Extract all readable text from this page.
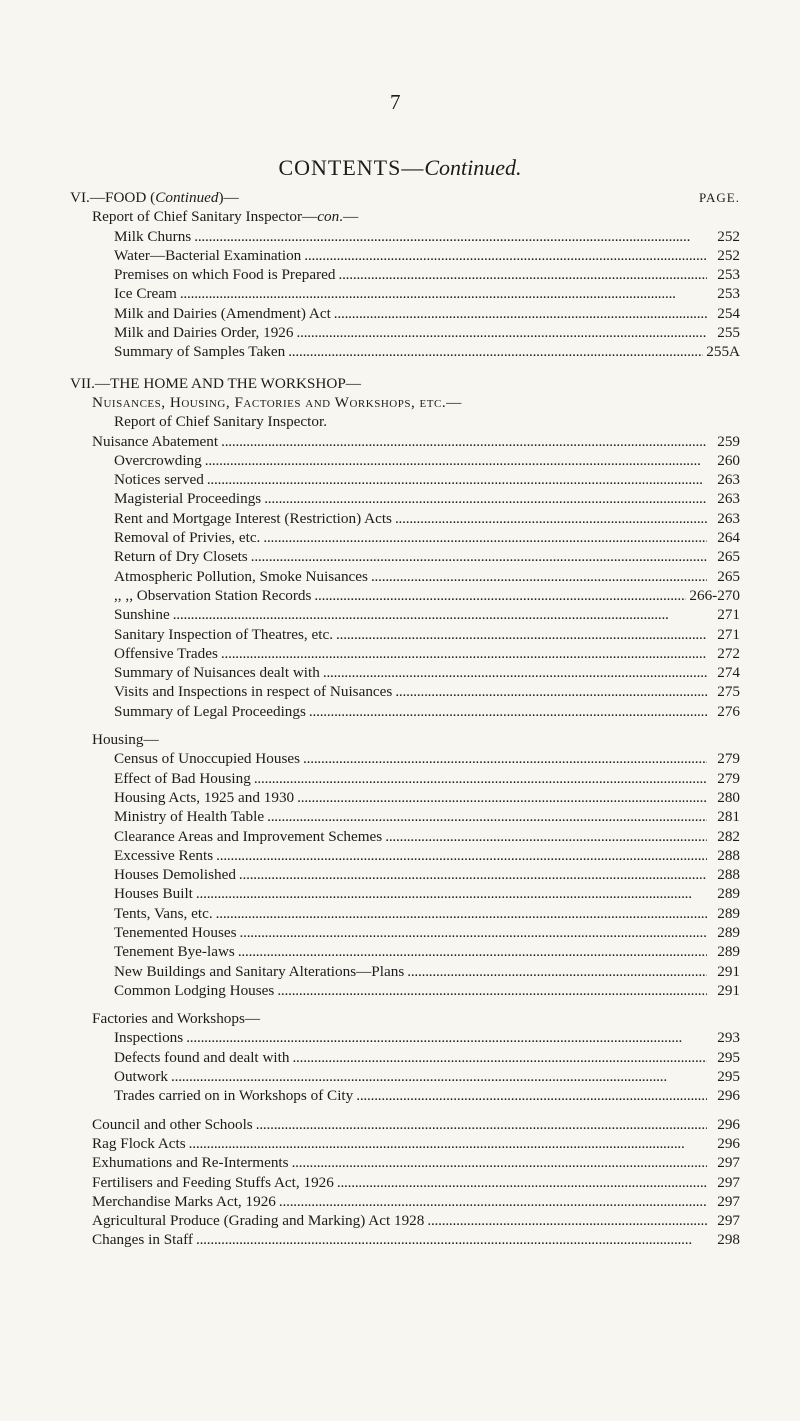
7
CONTENTS—Continued.
VI.—FOOD (Continued)—	PAGE.
Report of Chief Sanitary Inspector—con.—
Milk Churns . . .	252
Water—Bacterial Examination . . .	252
Premises on which Food is Prepared . . .	253
Ice Cream . . .	253
Milk and Dairies (Amendment) Act . . .	254
Milk and Dairies Order, 1926 . . .	255
Summary of Samples Taken . . .	255A
VII.—THE HOME AND THE WORKSHOP—
Nuisances, Housing, Factories and Workshops, etc.—
Report of Chief Sanitary Inspector.
Nuisance Abatement . . .	259
Overcrowding . . .	260
Notices served . . .	263
Magisterial Proceedings . . .	263
Rent and Mortgage Interest (Restriction) Acts . . .	263
Removal of Privies, etc. . . .	264
Return of Dry Closets . . .	265
Atmospheric Pollution, Smoke Nuisances . . .	265
,, ,, Observation Station Records . . .	266-270
Sunshine . . .	271
Sanitary Inspection of Theatres, etc. . . .	271
Offensive Trades . . .	272
Summary of Nuisances dealt with . . .	274
Visits and Inspections in respect of Nuisances . . .	275
Summary of Legal Proceedings . . .	276
Housing—
Census of Unoccupied Houses . . .	279
Effect of Bad Housing . . .	279
Housing Acts, 1925 and 1930 . . .	280
Ministry of Health Table . . .	281
Clearance Areas and Improvement Schemes . . .	282
Excessive Rents . . .	288
Houses Demolished . . .	288
Houses Built . . .	289
Tents, Vans, etc. . . .	289
Tenemented Houses . . .	289
Tenement Bye-laws . . .	289
New Buildings and Sanitary Alterations—Plans . . .	291
Common Lodging Houses . . .	291
Factories and Workshops—
Inspections . . .	293
Defects found and dealt with . . .	295
Outwork . . .	295
Trades carried on in Workshops of City . . .	296
Council and other Schools . . .	296
Rag Flock Acts . . .	296
Exhumations and Re-Interments . . .	297
Fertilisers and Feeding Stuffs Act, 1926 . . .	297
Merchandise Marks Act, 1926 . . .	297
Agricultural Produce (Grading and Marking) Act 1928 . . .	297
Changes in Staff . . .	298
